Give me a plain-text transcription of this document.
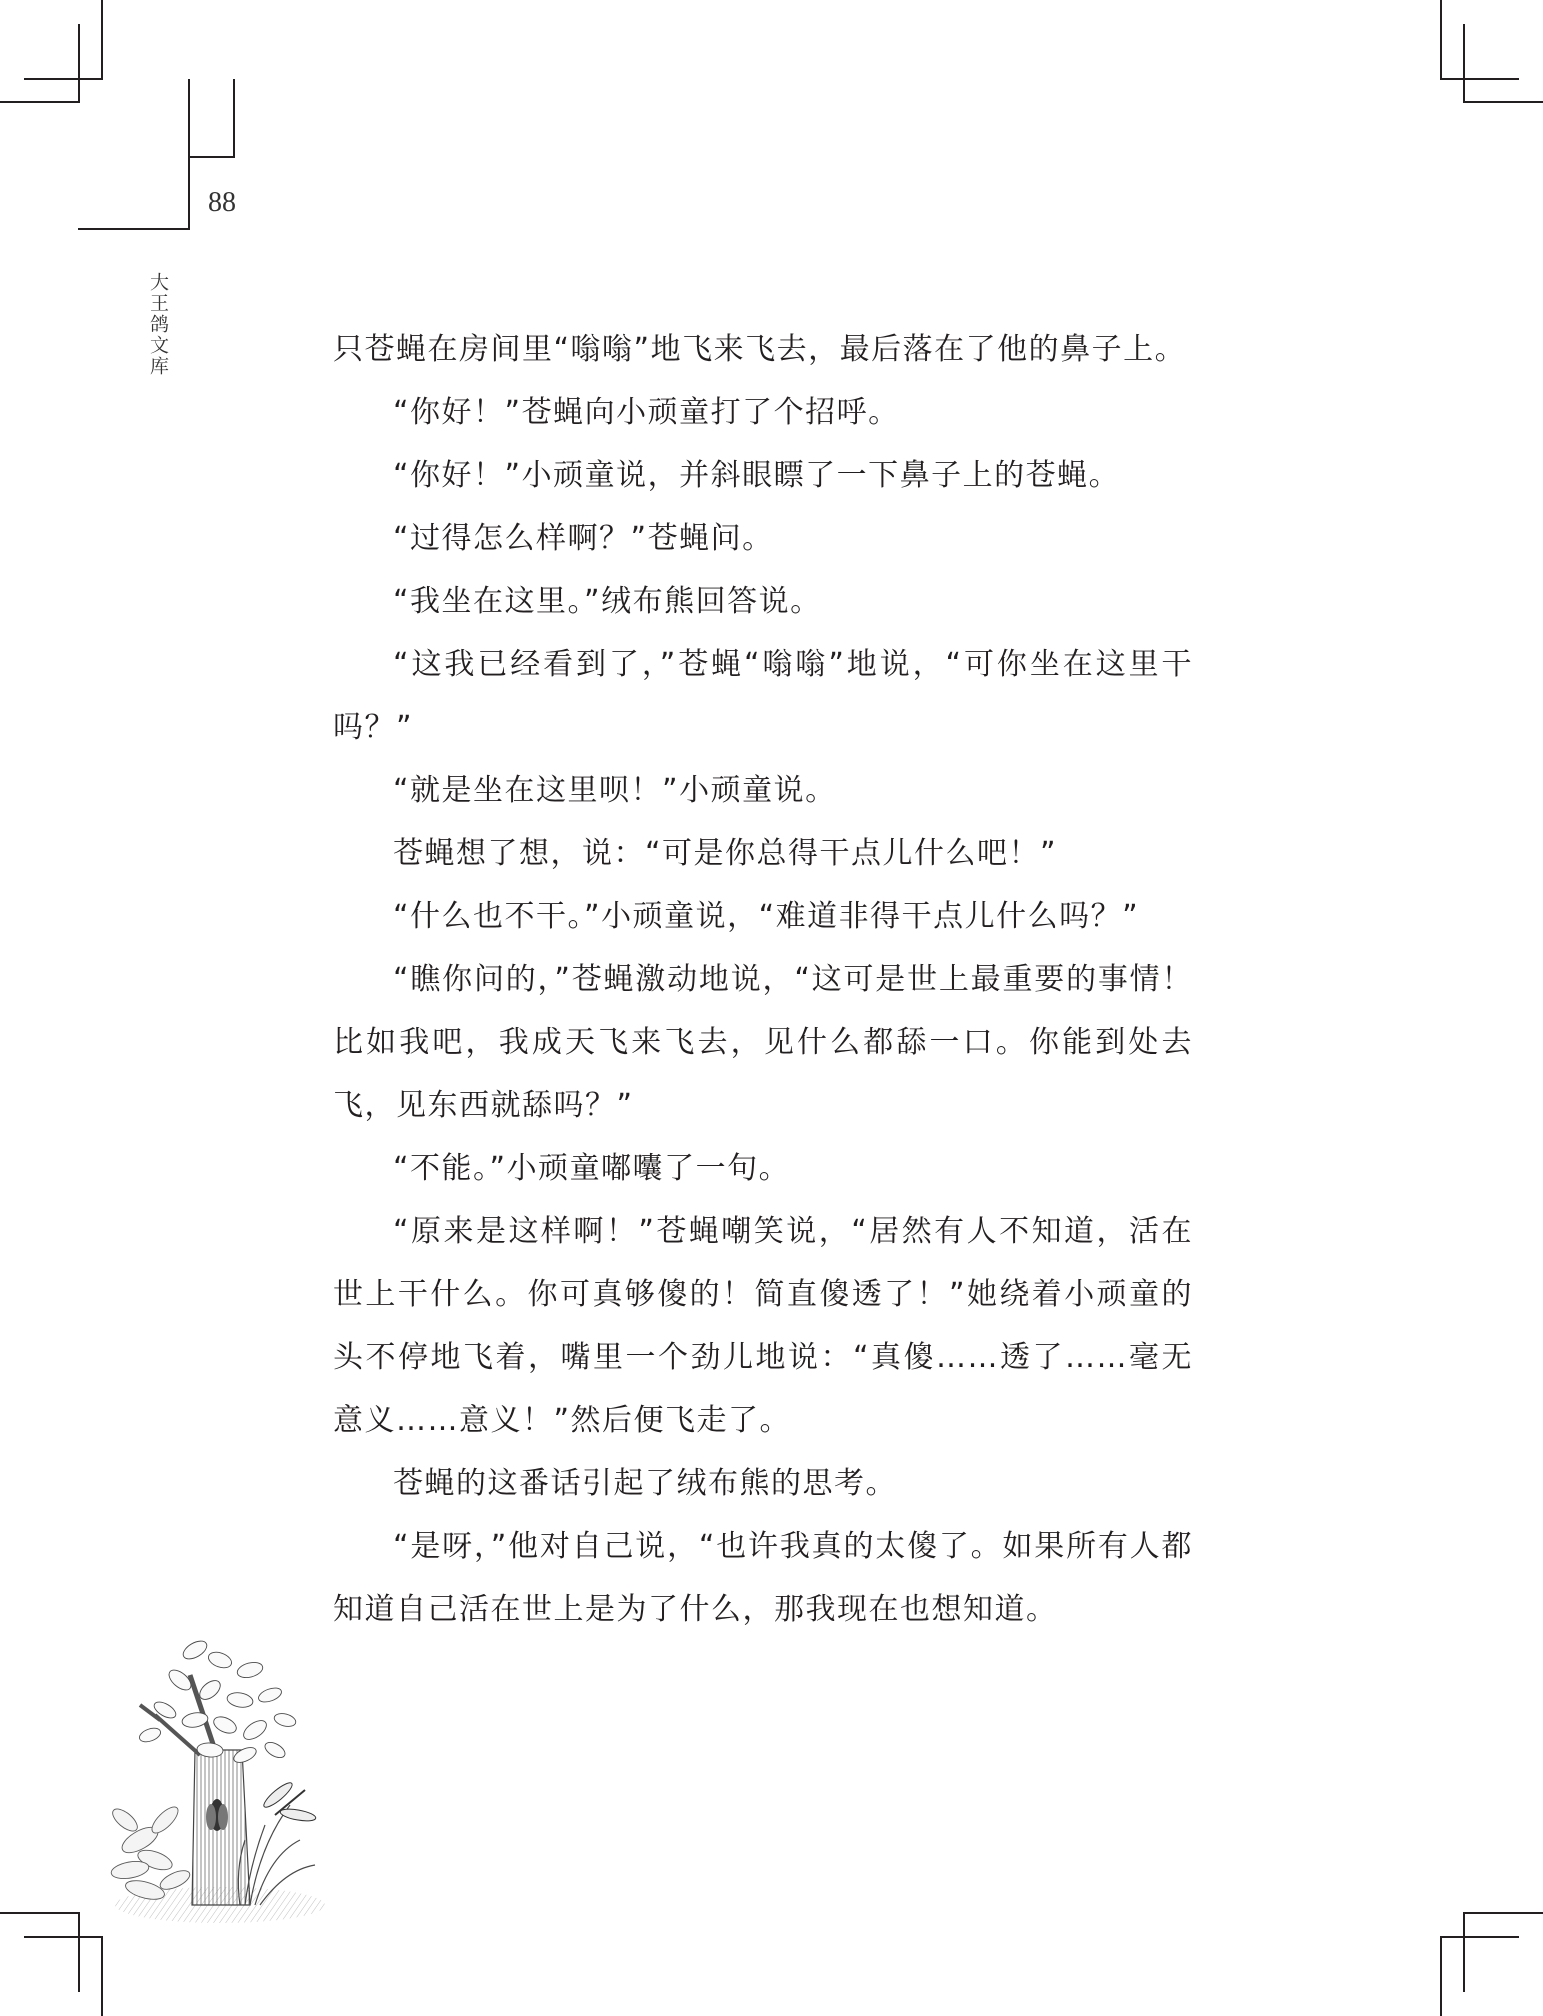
88
大王鸽文库	只苍蝇在房间里“嗡嗡”地飞来飞去，最后落在了他的鼻子上。

“你好！”苍蝇向小顽童打了个招呼。

“你好！”小顽童说，并斜眼瞟了一下鼻子上的苍蝇。

“过得怎么样啊？”苍蝇问。

“我坐在这里。”绒布熊回答说。

“这我已经看到了，”苍蝇“嗡嗡”地说，“可你坐在这里干吗？”

“就是坐在这里呗！”小顽童说。

苍蝇想了想，说：“可是你总得干点儿什么吧！”

“什么也不干。”小顽童说，“难道非得干点儿什么吗？”

“瞧你问的，”苍蝇激动地说，“这可是世上最重要的事情！比如我吧，我成天飞来飞去，见什么都舔一口。你能到处去飞，见东西就舔吗？”

“不能。”小顽童嘟囔了一句。

“原来是这样啊！”苍蝇嘲笑说，“居然有人不知道，活在世上干什么。你可真够傻的！简直傻透了！”她绕着小顽童的头不停地飞着，嘴里一个劲儿地说：“真傻……透了……毫无意义……意义！”然后便飞走了。

苍蝇的这番话引起了绒布熊的思考。

“是呀，”他对自己说，“也许我真的太傻了。如果所有人都知道自己活在世上是为了什么，那我现在也想知道。
